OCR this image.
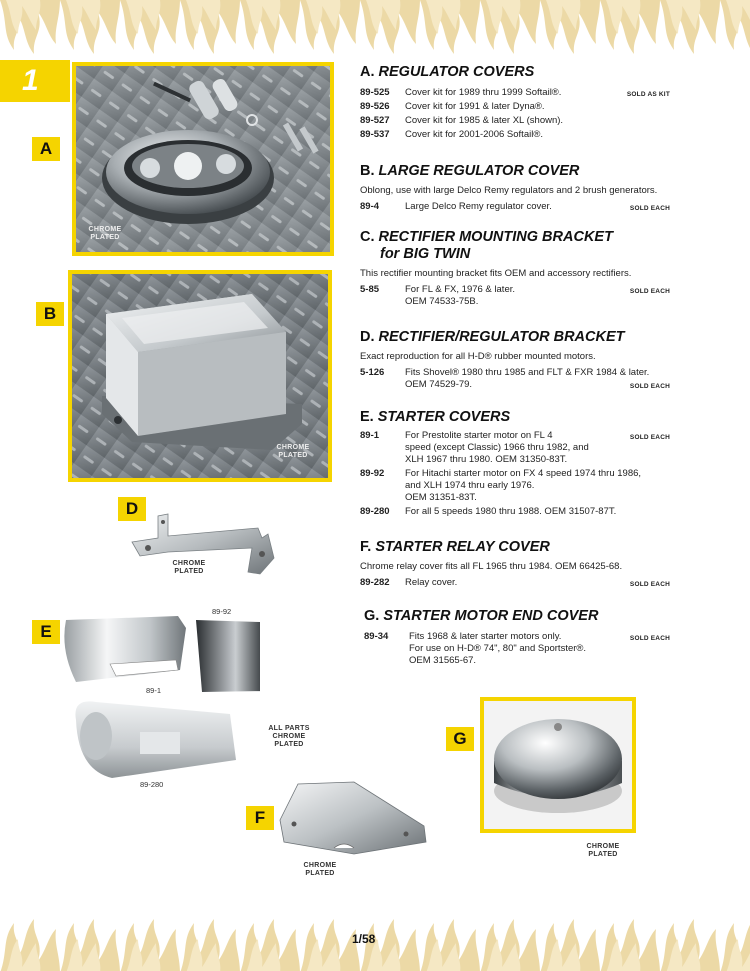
1
A
B
D
E
F
G
CHROME
PLATED
CHROME
PLATED
CHROME
PLATED
89-92
89-1
89-280
ALL PARTS
CHROME
PLATED
CHROME
PLATED
CHROME
PLATED
A. REGULATOR COVERS
89-525	Cover kit for 1989 thru 1999 Softail®.	SOLD AS KIT
89-526	Cover kit for 1991 & later Dyna®.
89-527	Cover kit for 1985 & later XL (shown).
89-537	Cover kit for 2001-2006 Softail®.
B. LARGE REGULATOR COVER
Oblong, use with large Delco Remy regulators and 2 brush generators.
89-4	Large Delco Remy regulator cover.	SOLD EACH
C. RECTIFIER MOUNTING BRACKET
for BIG TWIN
This rectifier mounting bracket fits OEM and accessory rectifiers.
5-85	For FL & FX, 1976 & later.
OEM 74533-75B.
SOLD EACH
D. RECTIFIER/REGULATOR BRACKET
Exact reproduction for all H-D® rubber mounted motors.
5-126	Fits Shovel® 1980 thru 1985 and FLT & FXR 1984 & later.
OEM 74529-79.	SOLD EACH
E. STARTER COVERS
89-1	For Prestolite starter motor on FL 4
speed (except Classic) 1966 thru 1982, and
XLH 1967 thru 1980. OEM 31350-83T.
SOLD EACH
89-92	For Hitachi starter motor on FX 4 speed 1974 thru 1986,
and XLH 1974 thru early 1976.
OEM 31351-83T.
89-280	For all 5 speeds 1980 thru 1988. OEM 31507-87T.
F. STARTER RELAY COVER
Chrome relay cover fits all FL 1965 thru 1984. OEM 66425-68.
89-282	Relay cover.	SOLD EACH
G. STARTER MOTOR END COVER
89-34	Fits 1968 & later starter motors only.
For use on H-D® 74", 80" and Sportster®.
OEM 31565-67.
SOLD EACH
1/58
